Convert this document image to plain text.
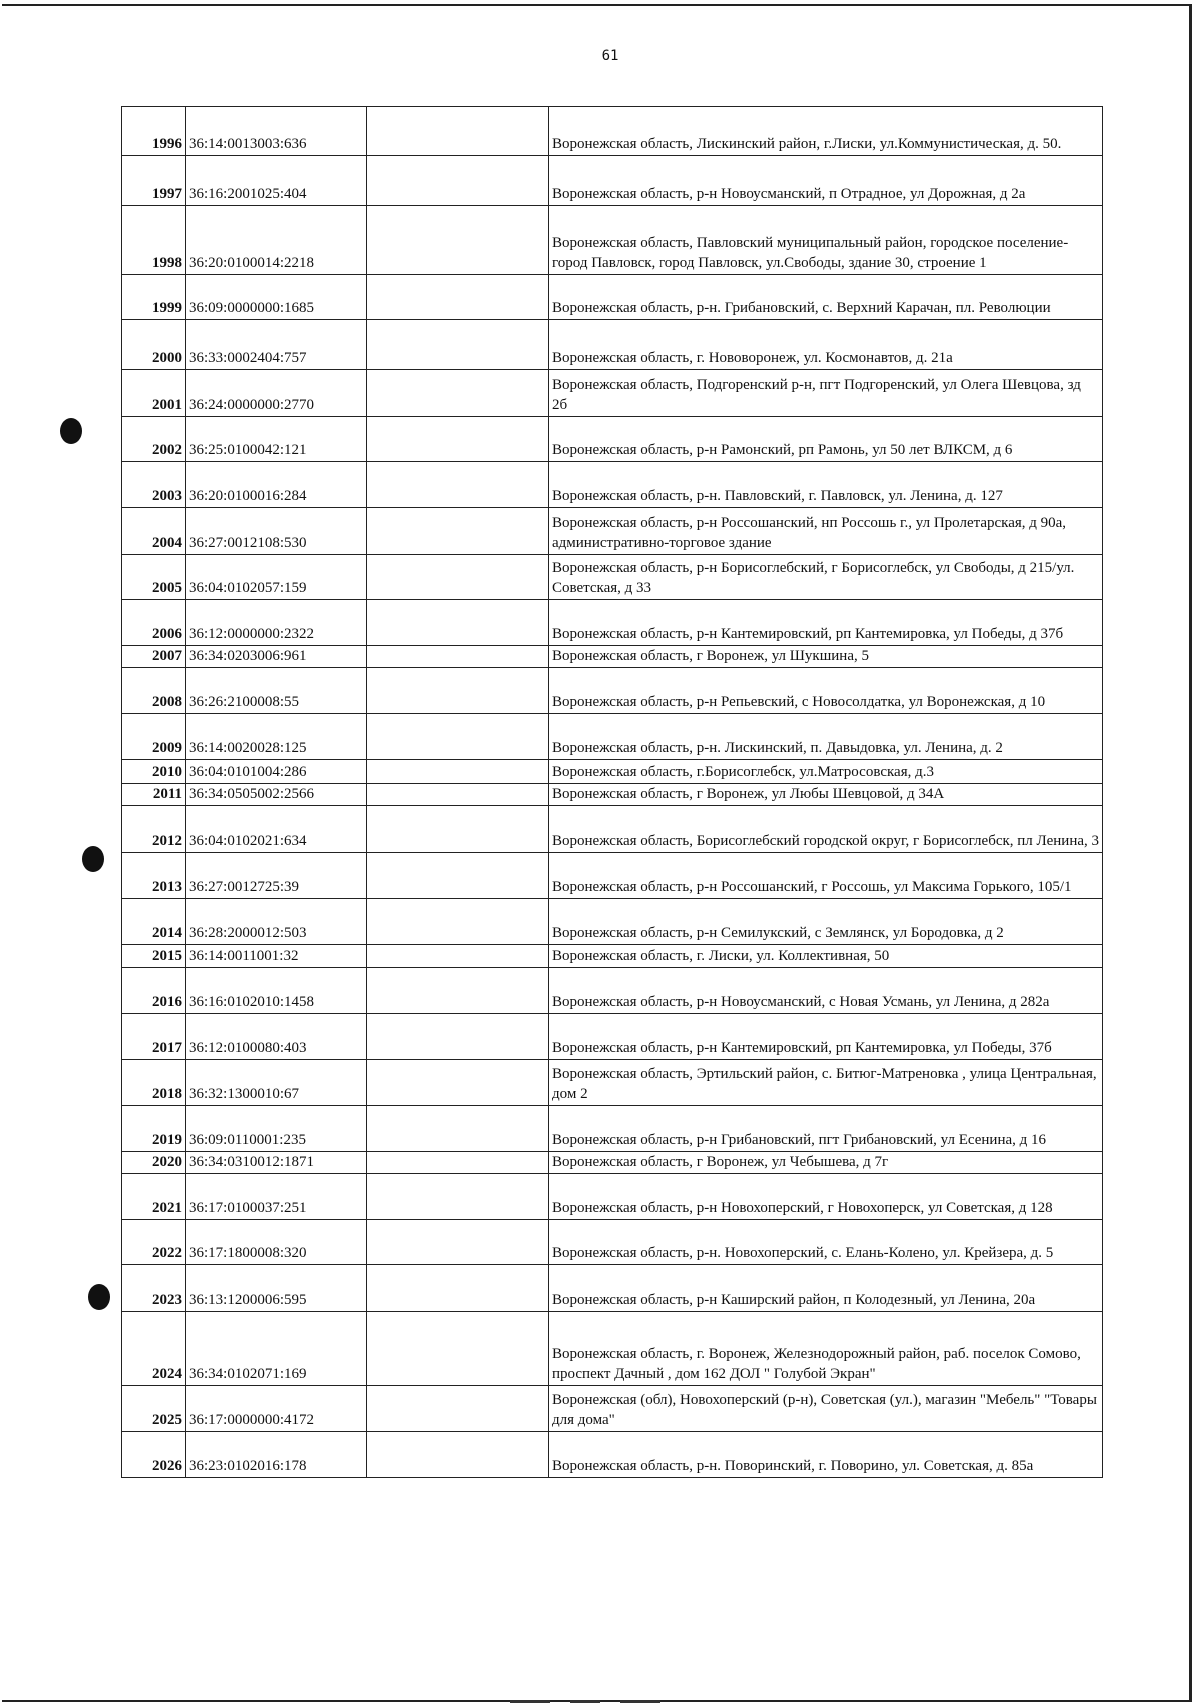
61
1996	36:14:0013003:636		Воронежская область, Лискинский район, г.Лиски, ул.Коммунистическая, д. 50.
1997	36:16:2001025:404		Воронежская область, р-н Новоусманский, п Отрадное, ул Дорожная, д 2а
1998	36:20:0100014:2218		Воронежская область, Павловский муниципальный район, городское поселение- город Павловск, город Павловск, ул.Свободы, здание 30, строение 1
1999	36:09:0000000:1685		Воронежская область, р-н. Грибановский, с. Верхний Карачан, пл. Революции
2000	36:33:0002404:757		Воронежская область, г. Нововоронеж, ул. Космонавтов, д. 21а
2001	36:24:0000000:2770		Воронежская область, Подгоренский р-н, пгт Подгоренский, ул Олега Шевцова, зд 2б
2002	36:25:0100042:121		Воронежская область, р-н Рамонский, рп Рамонь, ул 50 лет ВЛКСМ, д 6
2003	36:20:0100016:284		Воронежская область, р-н. Павловский, г. Павловск, ул. Ленина, д. 127
2004	36:27:0012108:530		Воронежская область, р-н Россошанский, нп Россошь г., ул Пролетарская, д 90а, административно-торговое здание
2005	36:04:0102057:159		Воронежская область, р-н Борисоглебский, г Борисоглебск, ул Свободы, д 215/ул. Советская, д 33
2006	36:12:0000000:2322		Воронежская область, р-н Кантемировский, рп Кантемировка, ул Победы, д 37б
2007	36:34:0203006:961		Воронежская область, г Воронеж, ул Шукшина, 5
2008	36:26:2100008:55		Воронежская область, р-н Репьевский, с Новосолдатка, ул Воронежская, д 10
2009	36:14:0020028:125		Воронежская область, р-н. Лискинский, п. Давыдовка, ул. Ленина, д. 2
2010	36:04:0101004:286		Воронежская область, г.Борисоглебск, ул.Матросовская, д.3
2011	36:34:0505002:2566		Воронежская область, г Воронеж, ул Любы Шевцовой, д 34А
2012	36:04:0102021:634		Воронежская область, Борисоглебский городской округ, г Борисоглебск, пл Ленина, 3
2013	36:27:0012725:39		Воронежская область, р-н Россошанский, г Россошь, ул Максима Горького, 105/1
2014	36:28:2000012:503		Воронежская область, р-н Семилукский, с Землянск, ул Бородовка, д 2
2015	36:14:0011001:32		Воронежская область, г. Лиски, ул. Коллективная, 50
2016	36:16:0102010:1458		Воронежская область, р-н Новоусманский, с Новая Усмань, ул Ленина, д 282а
2017	36:12:0100080:403		Воронежская область, р-н Кантемировский, рп Кантемировка, ул Победы, 37б
2018	36:32:1300010:67		Воронежская область, Эртильский район, с. Битюг-Матреновка , улица Центральная, дом 2
2019	36:09:0110001:235		Воронежская область, р-н Грибановский, пгт Грибановский, ул Есенина, д 16
2020	36:34:0310012:1871		Воронежская область, г Воронеж, ул Чебышева, д 7г
2021	36:17:0100037:251		Воронежская область, р-н Новохоперский, г Новохоперск, ул Советская, д 128
2022	36:17:1800008:320		Воронежская область, р-н. Новохоперский, с. Елань-Колено, ул. Крейзера, д. 5
2023	36:13:1200006:595		Воронежская область, р-н Каширский район, п Колодезный, ул Ленина, 20а
2024	36:34:0102071:169		Воронежская область, г. Воронеж, Железнодорожный район, раб. поселок Сомово, проспект Дачный , дом 162 ДОЛ " Голубой Экран"
2025	36:17:0000000:4172		Воронежская (обл), Новохоперский (р-н), Советская (ул.), магазин "Мебель" "Товары для дома"
2026	36:23:0102016:178		Воронежская область, р-н. Поворинский, г. Поворино, ул. Советская, д. 85а
